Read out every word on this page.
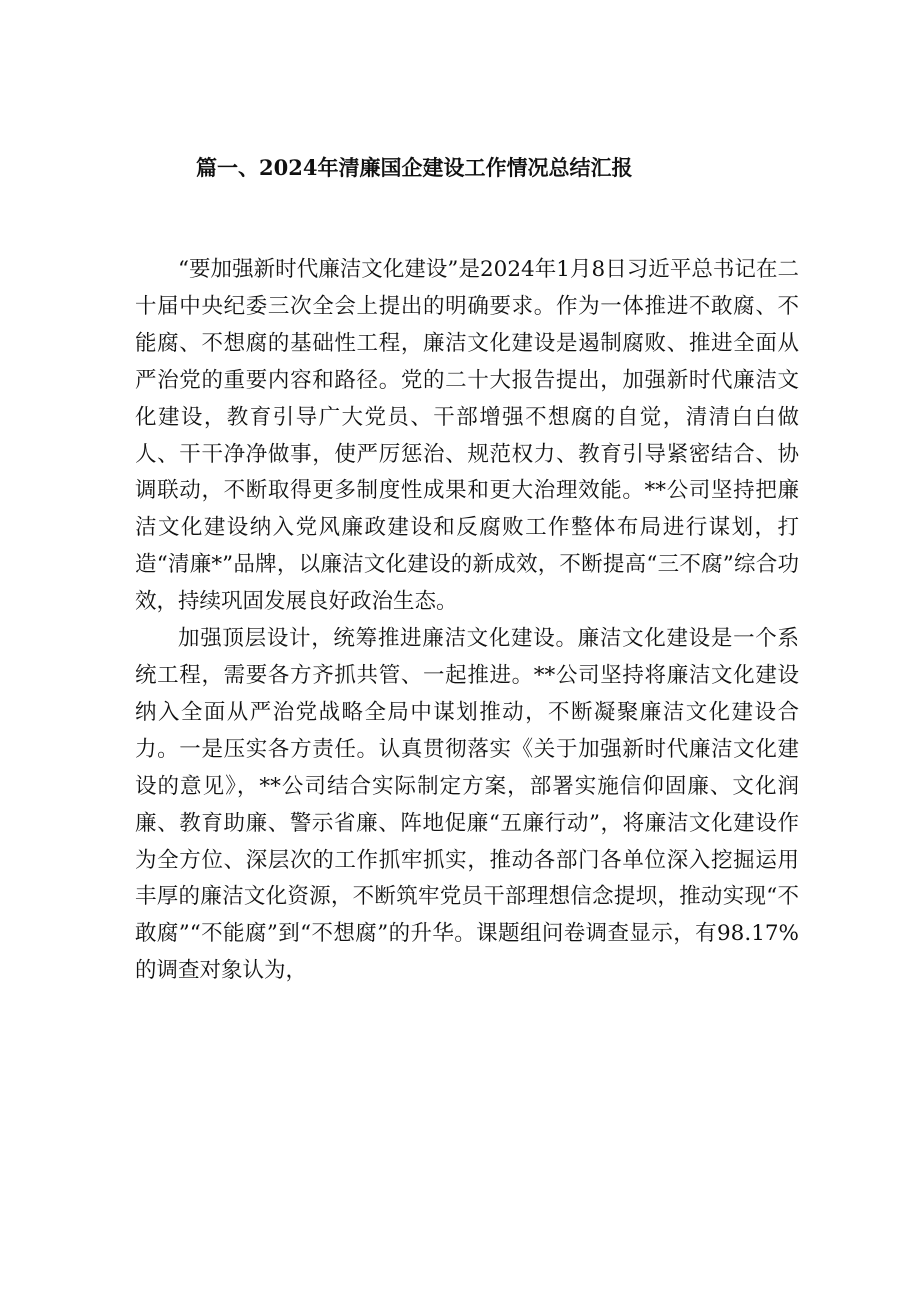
篇一、2024年清廉国企建设工作情况总结汇报

“要加强新时代廉洁文化建设”是2024年1月8日习近平总书记在二十届中央纪委三次全会上提出的明确要求。作为一体推进不敢腐、不能腐、不想腐的基础性工程，廉洁文化建设是遏制腐败、推进全面从严治党的重要内容和路径。党的二十大报告提出，加强新时代廉洁文化建设，教育引导广大党员、干部增强不想腐的自觉，清清白白做人、干干净净做事，使严厉惩治、规范权力、教育引导紧密结合、协调联动，不断取得更多制度性成果和更大治理效能。**公司坚持把廉洁文化建设纳入党风廉政建设和反腐败工作整体布局进行谋划，打造“清廉*”品牌，以廉洁文化建设的新成效，不断提高“三不腐”综合功效，持续巩固发展良好政治生态。

加强顶层设计，统筹推进廉洁文化建设。廉洁文化建设是一个系统工程，需要各方齐抓共管、一起推进。**公司坚持将廉洁文化建设纳入全面从严治党战略全局中谋划推动，不断凝聚廉洁文化建设合力。一是压实各方责任。认真贯彻落实《关于加强新时代廉洁文化建设的意见》，**公司结合实际制定方案，部署实施信仰固廉、文化润廉、教育助廉、警示省廉、阵地促廉“五廉行动”，将廉洁文化建设作为全方位、深层次的工作抓牢抓实，推动各部门各单位深入挖掘运用丰厚的廉洁文化资源，不断筑牢党员干部理想信念提坝，推动实现“不敢腐”“不能腐”到“不想腐”的升华。课题组问卷调查显示，有98.17%的调查对象认为，
